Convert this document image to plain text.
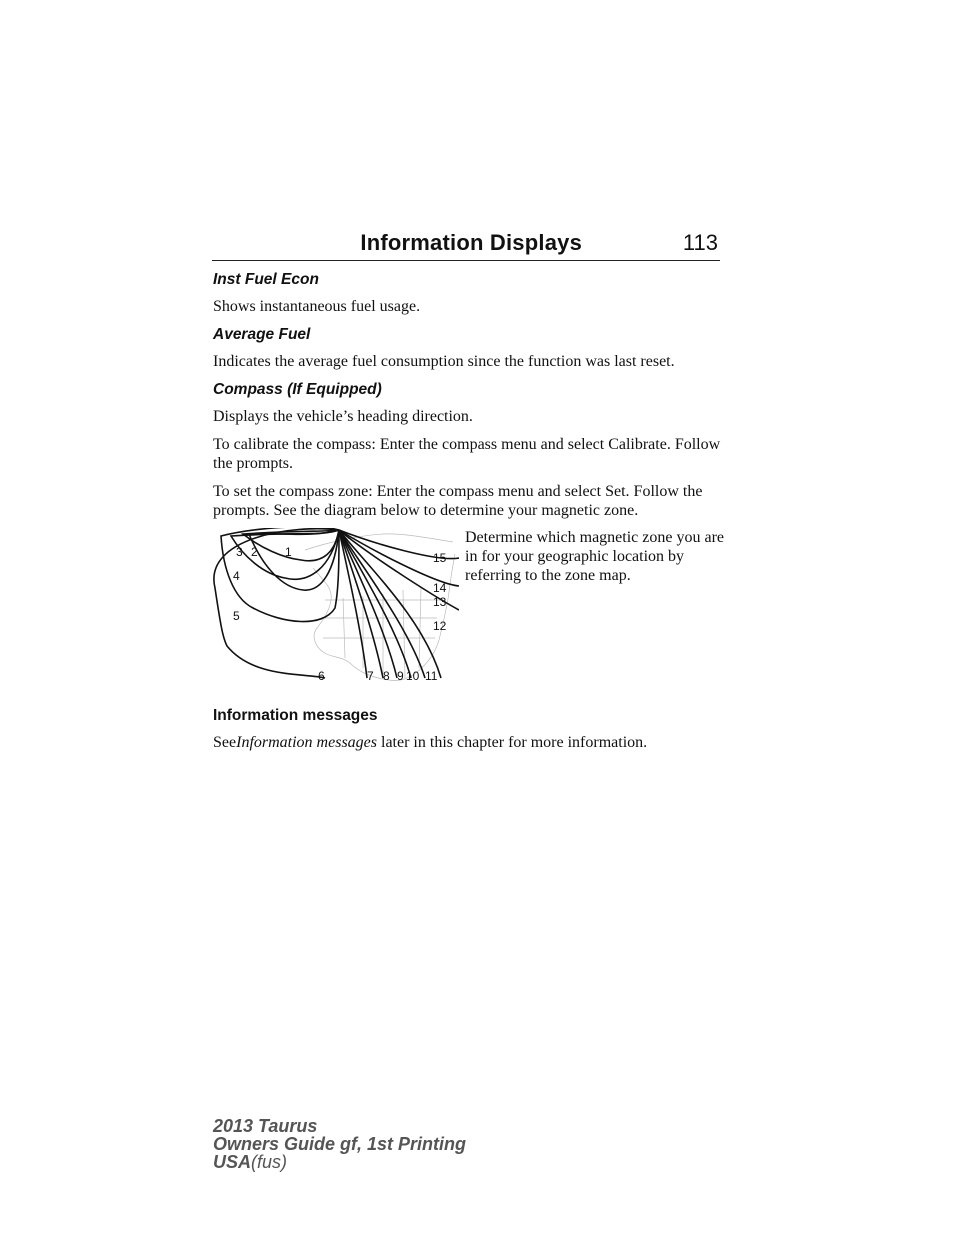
Information Displays	113

Inst Fuel Econ

Shows instantaneous fuel usage.

Average Fuel

Indicates the average fuel consumption since the function was last reset.

Compass (If Equipped)

Displays the vehicle’s heading direction.

To calibrate the compass: Enter the compass menu and select Calibrate. Follow the prompts.

To set the compass zone: Enter the compass menu and select Set. Follow the prompts. See the diagram below to determine your magnetic zone.

3 2 1
4
5
6	7 8 9 10 11
12
13
14
15

Determine which magnetic zone you are in for your geographic location by referring to the zone map.

Information messages

SeeInformation messages later in this chapter for more information.

2013 Taurus
Owners Guide gf, 1st Printing
USA(fus)
